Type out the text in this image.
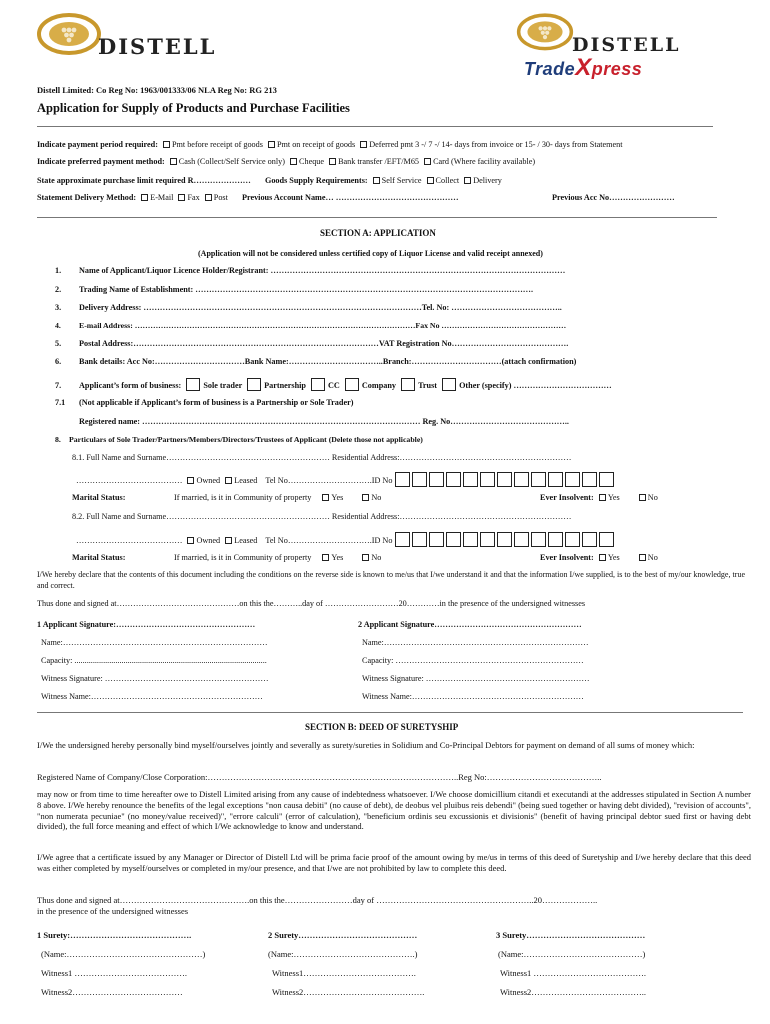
DISTELL	DISTELL
TradeXpress
Distell Limited: Co Reg No: 1963/001333/06 NLA Reg No: RG 213
Application for Supply of Products and Purchase Facilities
Indicate payment period required: Pmt before receipt of goods Pmt on receipt of goods Deferred pmt 3 -/ 7 -/ 14- days from invoice or 15- / 30- days from Statement
Indicate preferred payment method: Cash (Collect/Self Service only) Cheque Bank transfer /EFT/M65 Card (Where facility available)
State approximate purchase limit required R………………… Goods Supply Requirements: Self Service Collect Delivery
Statement Delivery Method: E-Mail Fax Post Previous Account Name… ………………………………………	Previous Acc No……………………
SECTION A: APPLICATION
(Application will not be considered unless certified copy of Liquor License and valid receipt annexed)
1. Name of Applicant/Liquor Licence Holder/Registrant: ………………………………………………………………………………………………
2. Trading Name of Establishment: …………………………………………………………………………………………………………….
3. Delivery Address: …………………………………………………………………………………………Tel. No: …………………………………..
4. E-mail Address: ………………………………………………………………………………………………Fax No …………………………………………
5. Postal Address:………………………………………………………………………………VAT Registration No…………………………………….
6. Bank details: Acc No:……………………………Bank Name:……………………………..Branch:……………………………(attach confirmation)
7. Applicant’s form of business:	Sole trader	Partnership	CC	Company	Trust	Other (specify) ………………………………
7.1 (Not applicable if Applicant’s form of business is a Partnership or Sole Trader)
Registered name: ………………………………………………………………………………………… Reg. No……………………………………..
8. Particulars of Sole Trader/Partners/Members/Directors/Trustees of Applicant (Delete those not applicable)
8.1. Full Name and Surname…………………………………………………… Residential Address:………………………………………………………
………………………………… Owned Leased Tel No………………………….ID No
Marital Status:	If married, is it in Community of property Yes	No	Ever Insolvent: Yes	No
8.2. Full Name and Surname…………………………………………………… Residential Address:………………………………………………………
………………………………… Owned Leased Tel No………………………….ID No
Marital Status:	If married, is it in Community of property Yes	No	Ever Insolvent: Yes	No
I/We hereby declare that the contents of this document including the conditions on the reverse side is known to me/us that I/we understand it and that the information I/we supplied, is to the best of my/our knowledge, true and correct.
Thus done and signed at………………………………………on this the………..day of ………………………20…………in the presence of the undersigned witnesses
1 Applicant Signature:……………………………………………
Name:…………………………………………………………………
Capacity: ..............................................................................................
Witness Signature: ……………………………………………………
Witness Name:………………………………………………………
2 Applicant Signature………………………………………………
Name:…………………………………………………………………
Capacity: ……………………………………………………………
Witness Signature: ……………………………………………………
Witness Name:………………………………………………………
SECTION B: DEED OF SURETYSHIP
I/We the undersigned hereby personally bind myself/ourselves jointly and severally as surety/sureties in Solidium and Co-Principal Debtors for payment on demand of all sums of money which:
Registered Name of Company/Close Corporation:……………………………………………………………………………..Reg No:…………………………………..
may now or from time to time hereafter owe to Distell Limited arising from any cause of indebtedness whatsoever. I/We choose domicillium citandi et executandi at the addresses stipulated in Section A number 8 above. I/We hereby renounce the benefits of the legal exceptions "non causa debiti" (no cause of debt), de deobus vel pluibus reis debendi" (being sued together or having debt divided), "revision of accounts", "non numerata pecuniae" (no money/value received)", "errore calculi" (error of calculation), "beneficium ordinis seu excussionis et divisionis" (benefit of having principal debtor sued first or having debt divided), the full force meaning and effect of which I/We acknowledge to know and understand.
I/We agree that a certificate issued by any Manager or Director of Distell Ltd will be prima facie proof of the amount owing by me/us in terms of this deed of Suretyship and I/we hereby declare that this deed was either completed by myself/ourselves or completed in my/our presence, and that I/we are not prohibited by law to complete this deed.
Thus done and signed at……………………………………….on this the……………………day of ………………………………………………..20………………..
in the presence of the undersigned witnesses
1 Surety:…………………………………….
(Name:…………………………………………)
Witness1 ………………………………….
Witness2…………………………………
2 Surety……………………………………
(Name:…………………………………….)
Witness1………………………………….
Witness2…………………………………….
3 Surety……………………………………
(Name:……………………………………)
Witness1 ………………………………….
Witness2…………………………………..
